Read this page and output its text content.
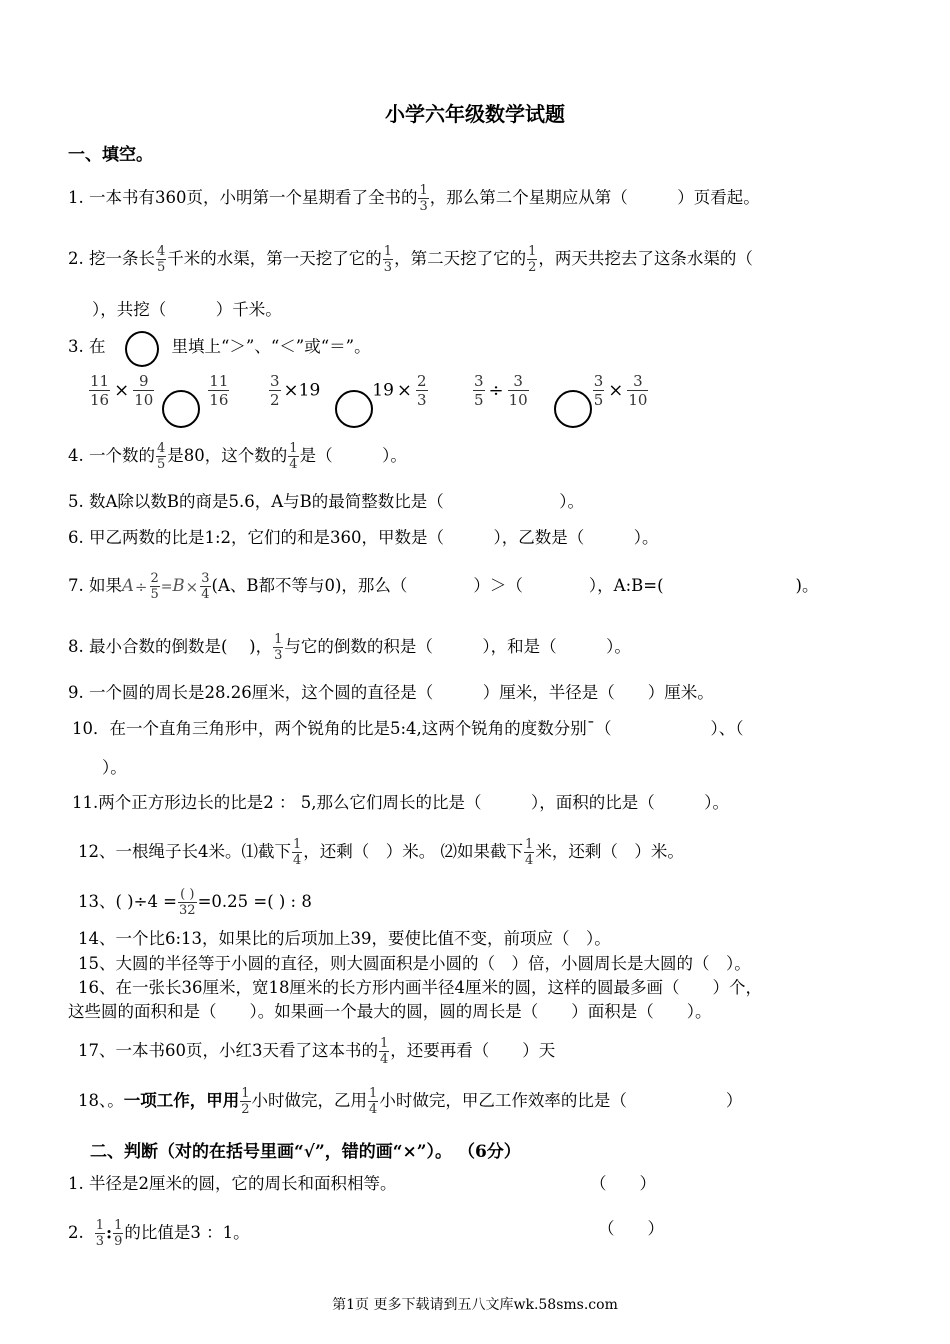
小学六年级数学试题
一、填空。
1. 一本书有360页，小明第一个星期看了全书的 $\frac{1}{3}$ ，那么第二个星期应从第（　　　）页看起。
2. 挖一条长 $\frac{4}{5}$ 千米的水渠，第一天挖了它的 $\frac{1}{3}$ ，第二天挖了它的 $\frac{1}{2}$ ，两天共挖去了这条水渠的（
），共挖（　　　）千米。
3. 在	里填上“＞”、“＜”或“＝”。
$\frac{11}{16} \times \frac{9}{10}$	$\frac{11}{16}$	$\frac{3}{2} \times 19$	$19 \times \frac{2}{3}$	$\frac{3}{5} \div \frac{3}{10}$	$\frac{3}{5} \times \frac{3}{10}$
4. 一个数的 $\frac{4}{5}$ 是80，这个数的 $\frac{1}{4}$ 是（　　　）。
5. 数A除以数B的商是5.6，A与B的最简整数比是（　　　　　　　）。
6. 甲乙两数的比是1:2，它们的和是360，甲数是（　　　），乙数是（　　　）。
7. 如果$A\div \frac{2}{5} =B\times \frac{3}{4} (A$、B都不等与0)，那么（　　　　）＞（　　　　），A:B=(　　　　　　　　)。
8. 最小合数的倒数是(　 )， $\frac{1}{3}$ 与它的倒数的积是（　　　），和是（　　　）。
9. 一个圆的周长是28.26厘米，这个圆的直径是（　　　）厘米，半径是（　　）厘米。
10．在一个直角三角形中，两个锐角的比是5:4,这两个锐角的度数分别¯（　　　　　　）、（
）。
11.两个正方形边长的比是2 ： 5,那么它们周长的比是（　　　），面积的比是（　　　）。
12、一根绳子长4米。⑴截下 $\frac{1}{4}$ ，还剩（　）米。 ⑵如果截下 $\frac{1}{4}$ 米，还剩（　）米。
13、( )$\div 4 = \frac{( )}{32} =0.25$ =( ) : 8
14、一个比6:13，如果比的后项加上39，要使比值不变，前项应（　）。
15、大圆的半径等于小圆的直径，则大圆面积是小圆的（　）倍，小圆周长是大圆的（　）。
16、在一张长36厘米，宽18厘米的长方形内画半径4厘米的圆，这样的圆最多画（　　）个，
这些圆的面积和是（　　）。如果画一个最大的圆，圆的周长是（　　）面积是（　　）。
17、一本书60页，小红3天看了这本书的 $\frac{1}{4}$ ，还要再看（　　）天
18、。一项工作，甲用 $\frac{1}{2}$ 小时做完，乙用 $\frac{1}{4}$ 小时做完，甲乙工作效率的比是（　　　　　　）
二、判断（对的在括号里画“√”，错的画“×”）。 （6分）
1. 半径是2厘米的圆，它的周长和面积相等。	（　　）
2. $\frac{1}{3}$ : $\frac{1}{9}$ 的比值是3 ：1。	（　　）
第1页 更多下载请到五八文库wk.58sms.com
